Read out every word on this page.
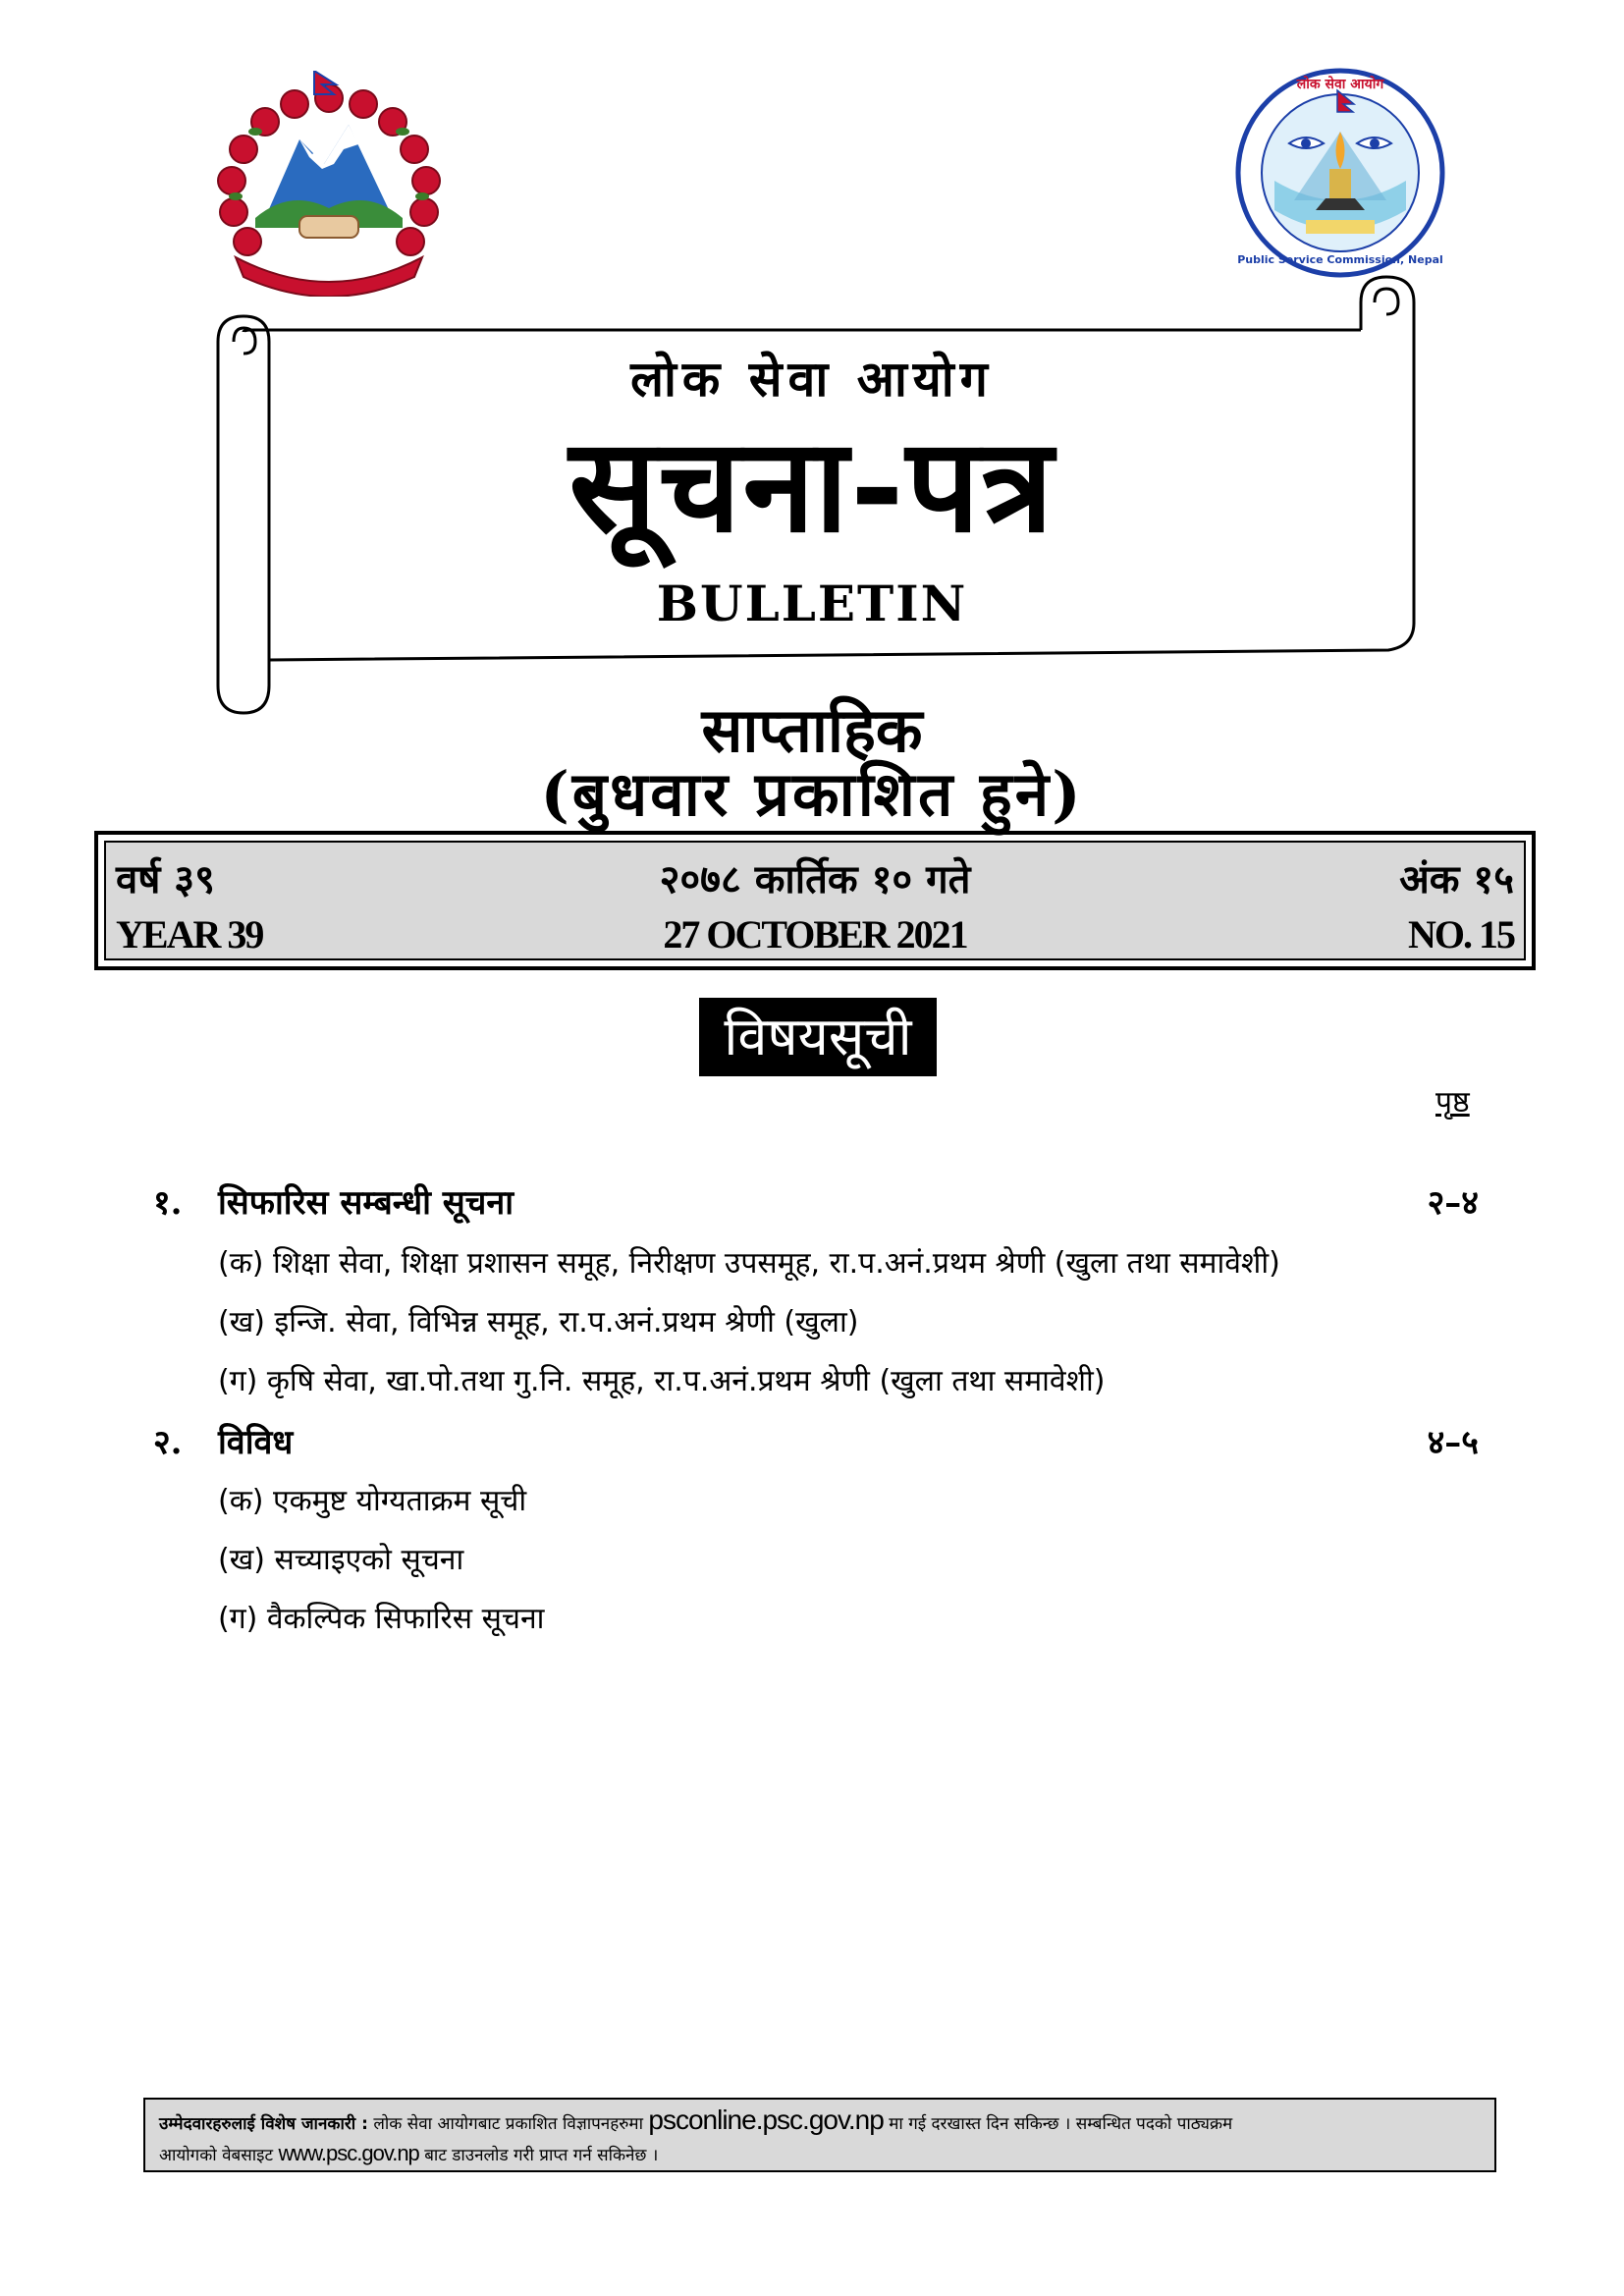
लोक सेवा आयोग
Public Service Commission, Nepal
लोक सेवा आयोग
सूचना-पत्र
BULLETIN
साप्ताहिक
(बुधवार प्रकाशित हुने)
वर्ष ३९	२०७८ कार्तिक १० गते	अंक १५
YEAR 39	27 OCTOBER 2021	NO. 15
विषयसूची
पृष्ठ
१. सिफारिस सम्बन्धी सूचना	२–४
(क) शिक्षा सेवा, शिक्षा प्रशासन समूह, निरीक्षण उपसमूह, रा.प.अनं.प्रथम श्रेणी (खुला तथा समावेशी)
(ख) इन्जि. सेवा, विभिन्न समूह, रा.प.अनं.प्रथम श्रेणी (खुला)
(ग) कृषि सेवा, खा.पो.तथा गु.नि. समूह, रा.प.अनं.प्रथम श्रेणी (खुला तथा समावेशी)
२. विविध	४–५
(क) एकमुष्ट योग्यताक्रम सूची
(ख) सच्याइएको सूचना
(ग) वैकल्पिक सिफारिस सूचना
उम्मेदवारहरुलाई विशेष जानकारी : लोक सेवा आयोगबाट प्रकाशित विज्ञापनहरुमा psconline.psc.gov.np मा गई दरखास्त दिन सकिन्छ । सम्बन्धित पदको पाठ्यक्रम
आयोगको वेबसाइट www.psc.gov.np बाट डाउनलोड गरी प्राप्त गर्न सकिनेछ ।
